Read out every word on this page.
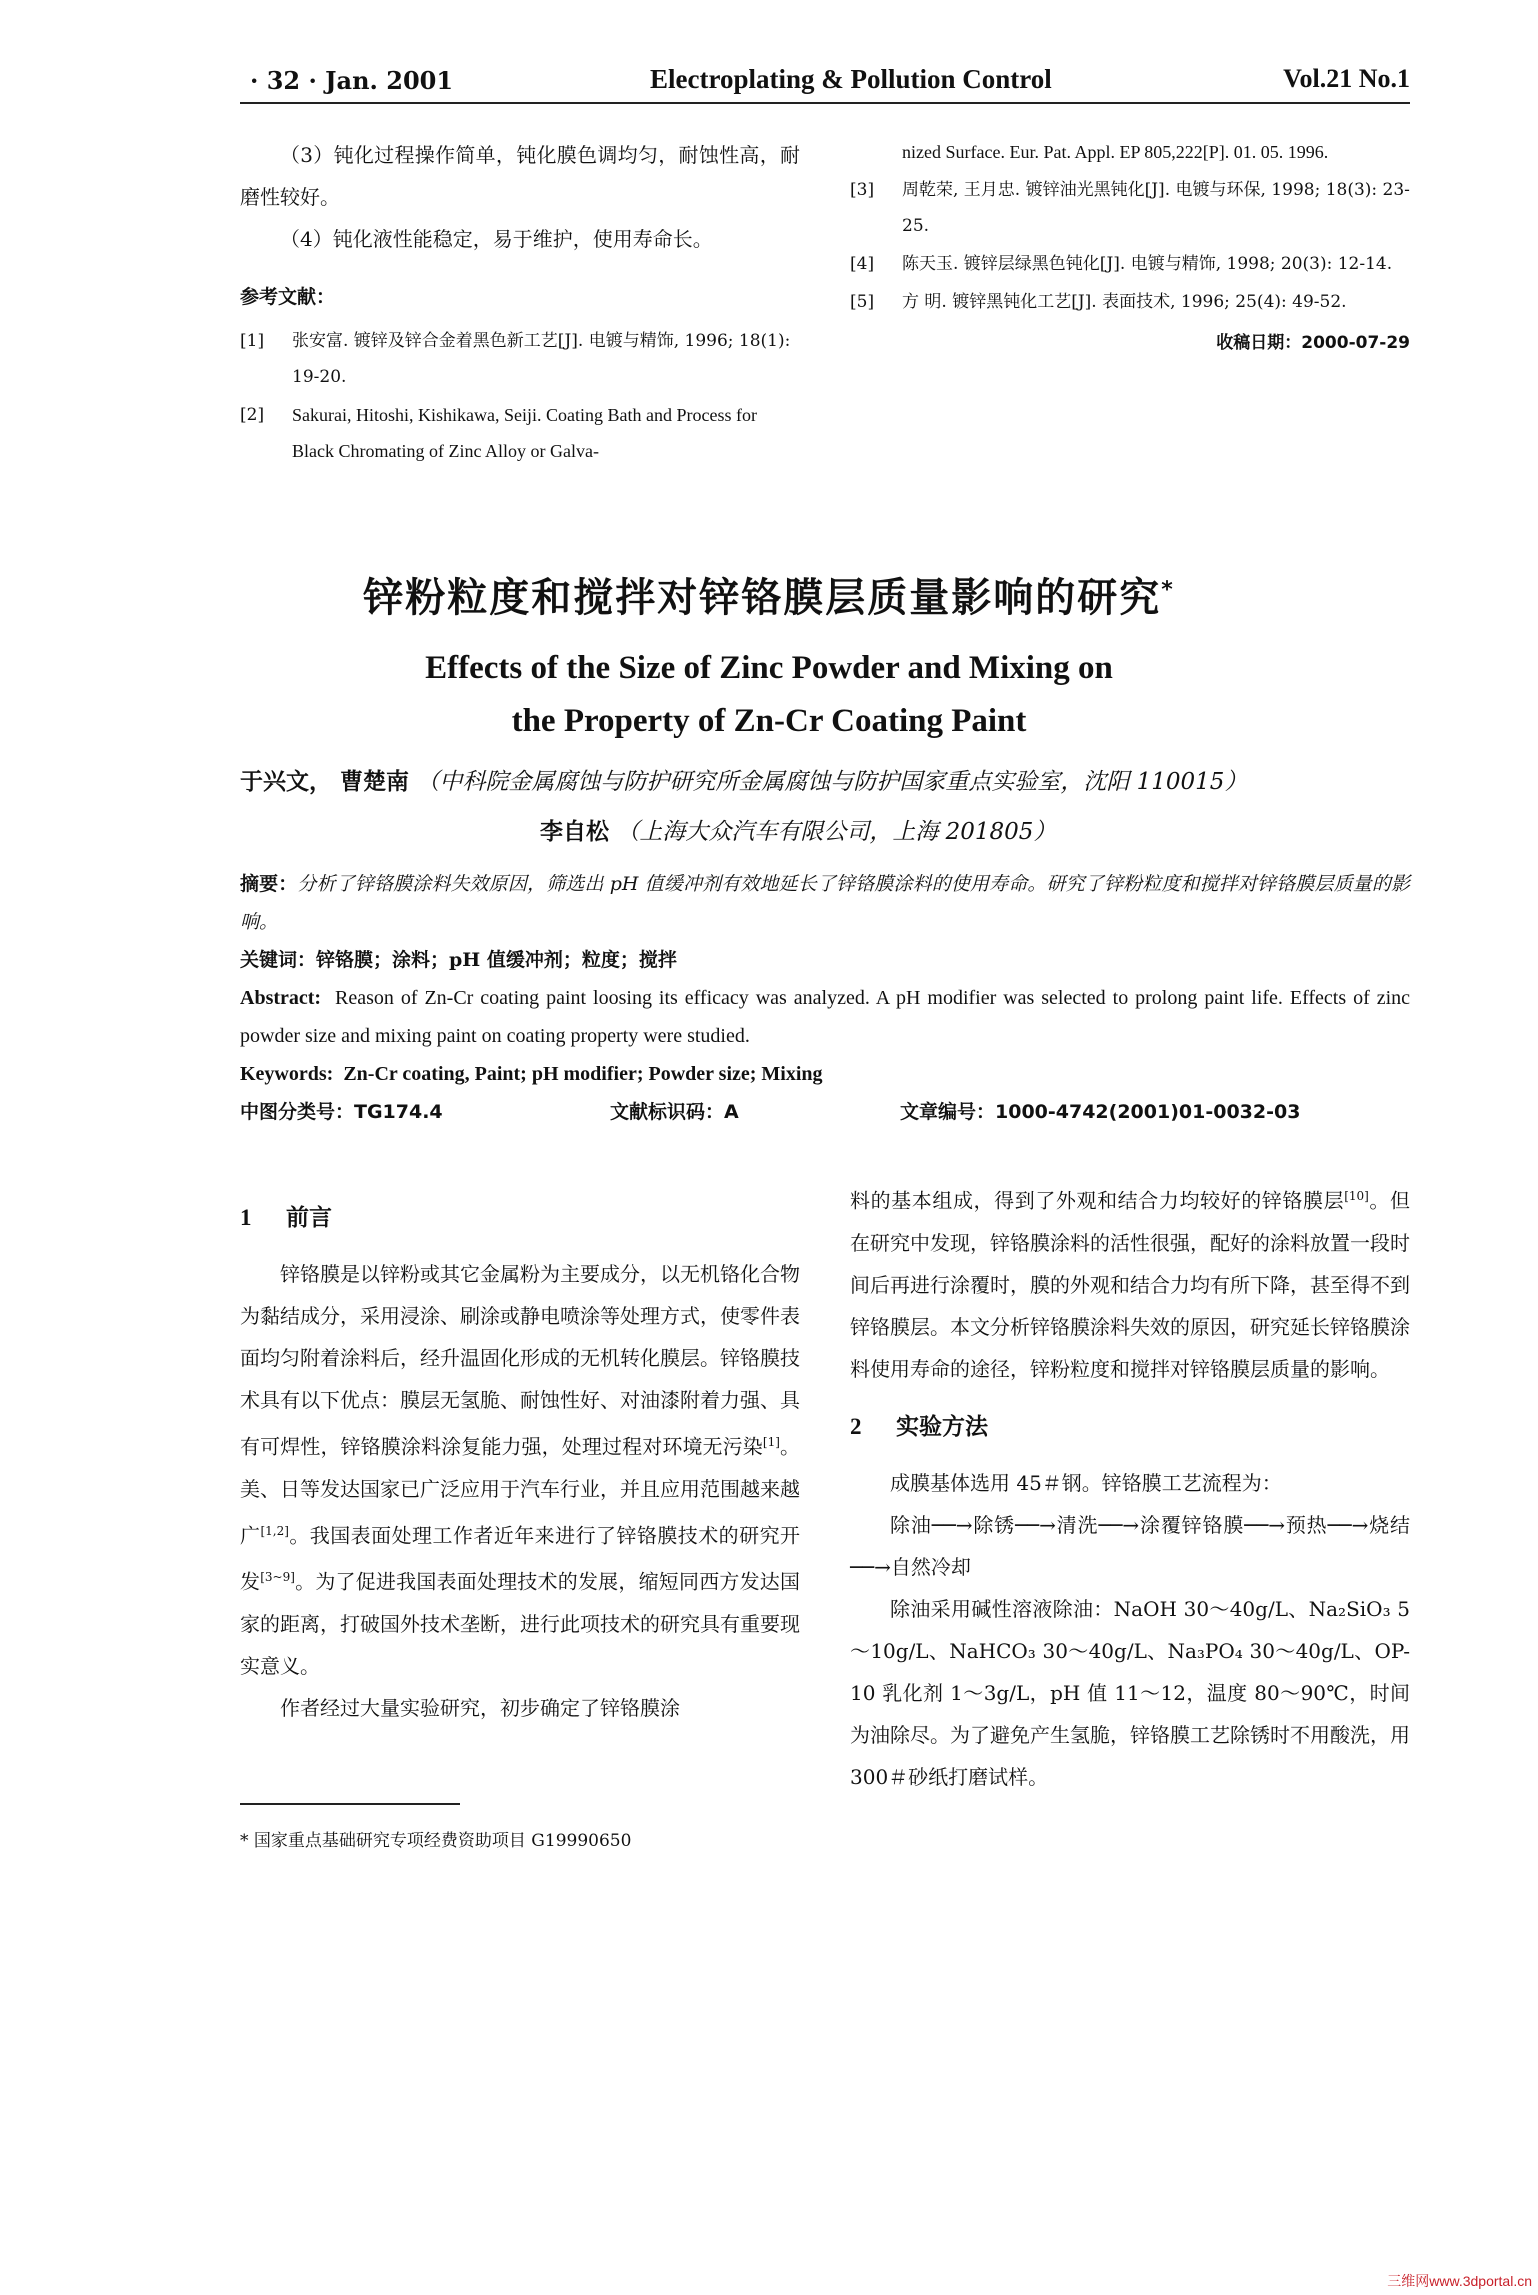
· 32 · Jan. 2001	Electroplating & Pollution Control	Vol.21 No.1

（3）钝化过程操作简单，钝化膜色调均匀，耐蚀性高，耐磨性较好。

（4）钝化液性能稳定，易于维护，使用寿命长。

参考文献：
[1]	张安富. 镀锌及锌合金着黑色新工艺[J]. 电镀与精饰, 1996; 18(1): 19-20.
[2]	Sakurai, Hitoshi, Kishikawa, Seiji. Coating Bath and Process for Black Chromating of Zinc Alloy or Galva-
nized Surface. Eur. Pat. Appl. EP 805,222[P]. 01. 05. 1996.
[3]	周乾荣, 王月忠. 镀锌油光黑钝化[J]. 电镀与环保, 1998; 18(3): 23-25.
[4]	陈天玉. 镀锌层绿黑色钝化[J]. 电镀与精饰, 1998; 20(3): 12-14.
[5]	方 明. 镀锌黑钝化工艺[J]. 表面技术, 1996; 25(4): 49-52.
收稿日期：2000-07-29
锌粉粒度和搅拌对锌铬膜层质量影响的研究*
Effects of the Size of Zinc Powder and Mixing on
the Property of Zn-Cr Coating Paint
于兴文， 曹楚南 （中科院金属腐蚀与防护研究所金属腐蚀与防护国家重点实验室，沈阳 110015）
李自松 （上海大众汽车有限公司，上海 201805）

摘要：分析了锌铬膜涂料失效原因，筛选出 pH 值缓冲剂有效地延长了锌铬膜涂料的使用寿命。研究了锌粉粒度和搅拌对锌铬膜层质量的影响。

关键词：锌铬膜；涂料；pH 值缓冲剂；粒度；搅拌

Abstract: Reason of Zn-Cr coating paint loosing its efficacy was analyzed. A pH modifier was selected to prolong paint life. Effects of zinc powder size and mixing paint on coating property were studied.

Keywords: Zn-Cr coating, Paint; pH modifier; Powder size; Mixing

中图分类号：TG174.4	文献标识码：A	文章编号：1000-4742(2001)01-0032-03
1 前言

锌铬膜是以锌粉或其它金属粉为主要成分，以无机铬化合物为黏结成分，采用浸涂、刷涂或静电喷涂等处理方式，使零件表面均匀附着涂料后，经升温固化形成的无机转化膜层。锌铬膜技术具有以下优点：膜层无氢脆、耐蚀性好、对油漆附着力强、具有可焊性，锌铬膜涂料涂复能力强，处理过程对环境无污染[1]。美、日等发达国家已广泛应用于汽车行业，并且应用范围越来越广[1,2]。我国表面处理工作者近年来进行了锌铬膜技术的研究开发[3~9]。为了促进我国表面处理技术的发展，缩短同西方发达国家的距离，打破国外技术垄断，进行此项技术的研究具有重要现实意义。

作者经过大量实验研究，初步确定了锌铬膜涂

料的基本组成，得到了外观和结合力均较好的锌铬膜层[10]。但在研究中发现，锌铬膜涂料的活性很强，配好的涂料放置一段时间后再进行涂覆时，膜的外观和结合力均有所下降，甚至得不到锌铬膜层。本文分析锌铬膜涂料失效的原因，研究延长锌铬膜涂料使用寿命的途径，锌粉粒度和搅拌对锌铬膜层质量的影响。

2 实验方法

成膜基体选用 45＃钢。锌铬膜工艺流程为：

除油──→除锈──→清洗──→涂覆锌铬膜──→预热──→烧结──→自然冷却

除油采用碱性溶液除油：NaOH 30～40g/L、Na₂SiO₃ 5～10g/L、NaHCO₃ 30～40g/L、Na₃PO₄ 30～40g/L、OP-10 乳化剂 1～3g/L，pH 值 11～12，温度 80～90℃，时间为油除尽。为了避免产生氢脆，锌铬膜工艺除锈时不用酸洗，用 300＃砂纸打磨试样。

* 国家重点基础研究专项经费资助项目 G19990650
三维网www.3dportal.cn
